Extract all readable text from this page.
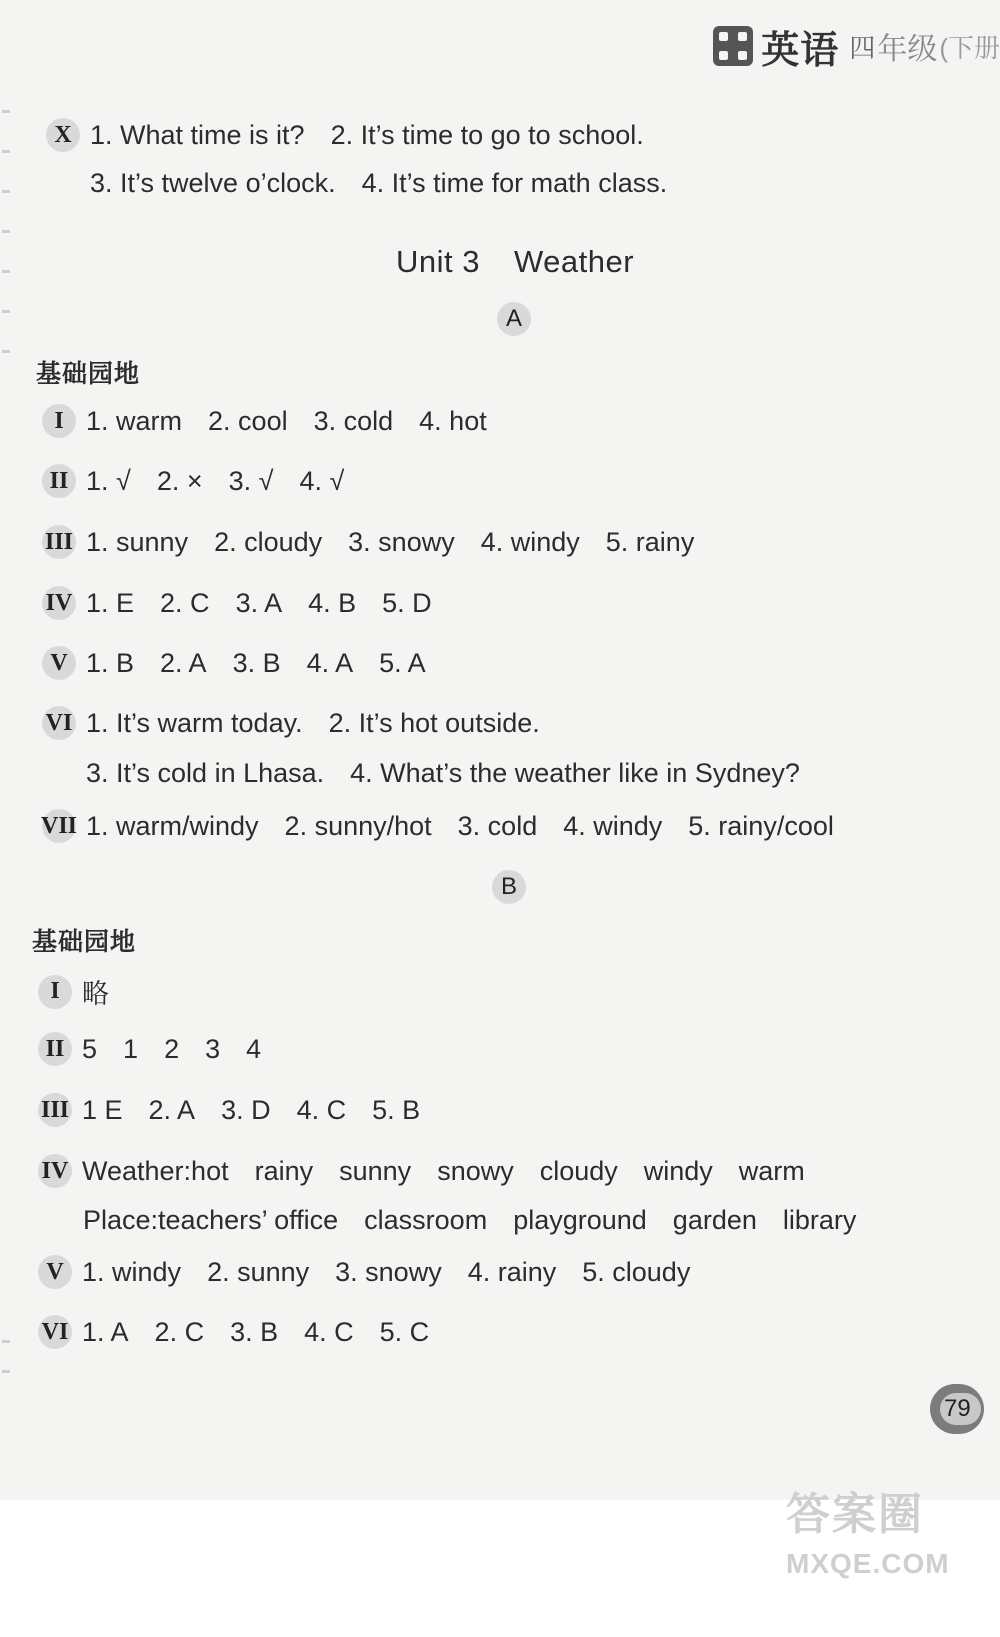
英语 四 年级 (下册
X 1. What time is it? 2. It’s time to go to school.
3. It’s twelve o’clock. 4. It’s time for math class.
Unit 3 Weather
A
基础园地
I 1. warm 2. cool 3. cold 4. hot
II 1. √ 2. × 3. √ 4. √
III 1. sunny 2. cloudy 3. snowy 4. windy 5. rainy
IV 1. E 2. C 3. A 4. B 5. D
V 1. B 2. A 3. B 4. A 5. A
VI 1. It’s warm today. 2. It’s hot outside.
3. It’s cold in Lhasa. 4. What’s the weather like in Sydney?
VII 1. warm/windy 2. sunny/hot 3. cold 4. windy 5. rainy/cool
B
基础园地
I 略
II 5 1 2 3 4
III 1 E 2. A 3. D 4. C 5. B
IV Weather:hot rainy sunny snowy cloudy windy warm
Place:teachers’ office classroom playground garden library
V 1. windy 2. sunny 3. snowy 4. rainy 5. cloudy
VI 1. A 2. C 3. B 4. C 5. C
79
答案圈
MXQE.COM
